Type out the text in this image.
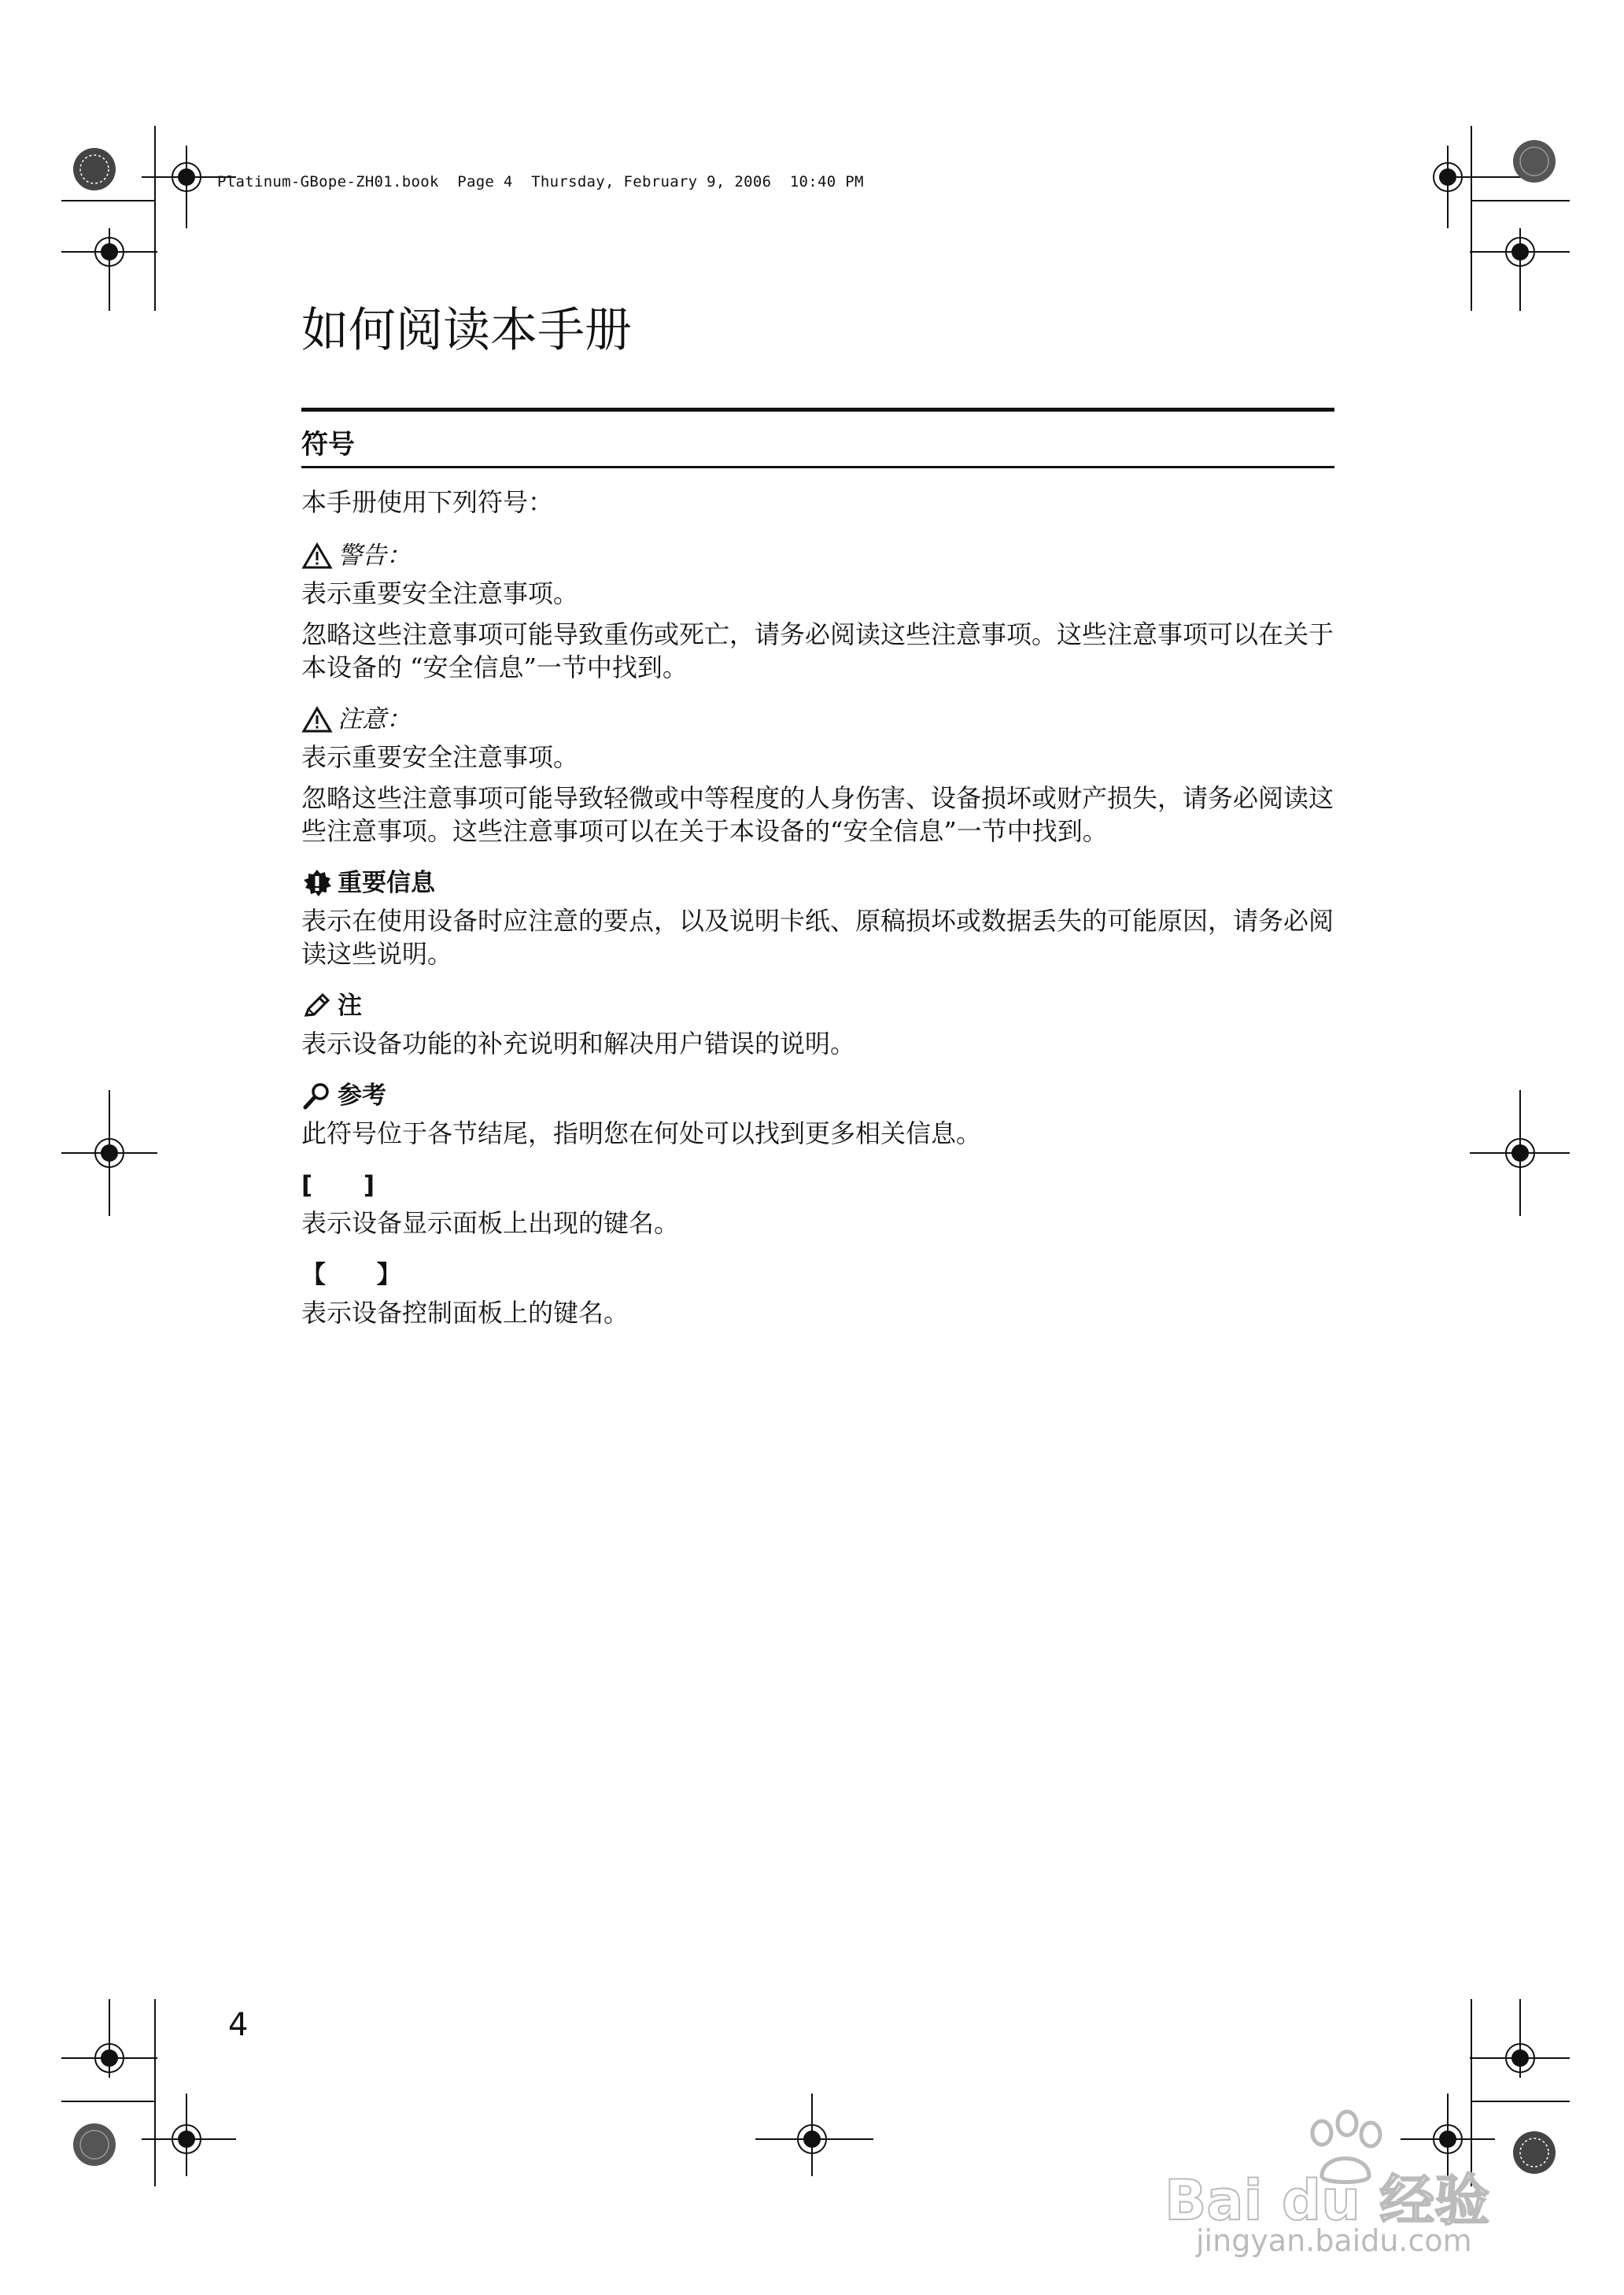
Platinum-GBope-ZH01.book  Page 4  Thursday, February 9, 2006  10:40 PM
如何阅读本手册
符号

本手册使用下列符号：

警告：

表示重要安全注意事项。

忽略这些注意事项可能导致重伤或死亡，请务必阅读这些注意事项。这些注意事项可以在关于本设备的 “安全信息”一节中找到。

注意：

表示重要安全注意事项。

忽略这些注意事项可能导致轻微或中等程度的人身伤害、设备损坏或财产损失，请务必阅读这些注意事项。这些注意事项可以在关于本设备的“安全信息”一节中找到。

重要信息

表示在使用设备时应注意的要点，以及说明卡纸、原稿损坏或数据丢失的可能原因，请务必阅读这些说明。

注

表示设备功能的补充说明和解决用户错误的说明。

参考

此符号位于各节结尾，指明您在何处可以找到更多相关信息。

[      ]

表示设备显示面板上出现的键名。

【      】

表示设备控制面板上的键名。

4
Bai du 经验
jingyan.baidu.com
